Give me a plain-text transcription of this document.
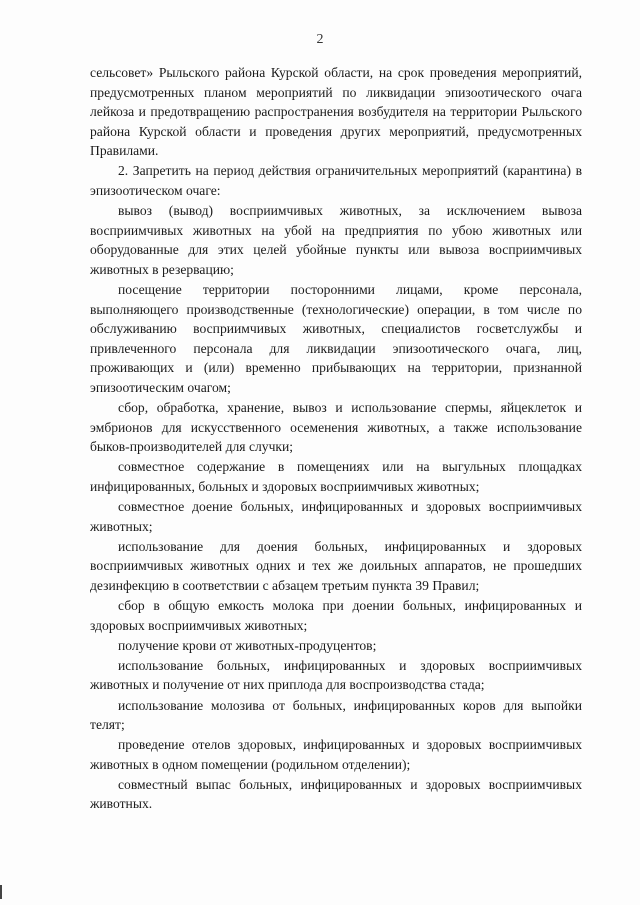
2

сельсовет» Рыльского района Курской области, на срок проведения мероприятий, предусмотренных планом мероприятий по ликвидации эпизоотического очага лейкоза и предотвращению распространения возбудителя на территории Рыльского района Курской области и проведения других мероприятий, предусмотренных Правилами.

2. Запретить на период действия ограничительных мероприятий (карантина) в эпизоотическом очаге:

вывоз (вывод) восприимчивых животных, за исключением вывоза восприимчивых животных на убой на предприятия по убою животных или оборудованные для этих целей убойные пункты или вывоза восприимчивых животных в резервацию;

посещение территории посторонними лицами, кроме персонала, выполняющего производственные (технологические) операции, в том числе по обслуживанию восприимчивых животных, специалистов госветслужбы и привлеченного персонала для ликвидации эпизоотического очага, лиц, проживающих и (или) временно прибывающих на территории, признанной эпизоотическим очагом;

сбор, обработка, хранение, вывоз и использование спермы, яйцеклеток и эмбрионов для искусственного осеменения животных, а также использование быков-производителей для случки;

совместное содержание в помещениях или на выгульных площадках инфицированных, больных и здоровых восприимчивых животных;

совместное доение больных, инфицированных и здоровых восприимчивых животных;

использование для доения больных, инфицированных и здоровых восприимчивых животных одних и тех же доильных аппаратов, не прошедших дезинфекцию в соответствии с абзацем третьим пункта 39 Правил;

сбор в общую емкость молока при доении больных, инфицированных и здоровых восприимчивых животных;

получение крови от животных-продуцентов;

использование больных, инфицированных и здоровых восприимчивых животных и получение от них приплода для воспроизводства стада;

использование молозива от больных, инфицированных коров для выпойки телят;

проведение отелов здоровых, инфицированных и здоровых восприимчивых животных в одном помещении (родильном отделении);

совместный выпас больных, инфицированных и здоровых восприимчивых животных.
